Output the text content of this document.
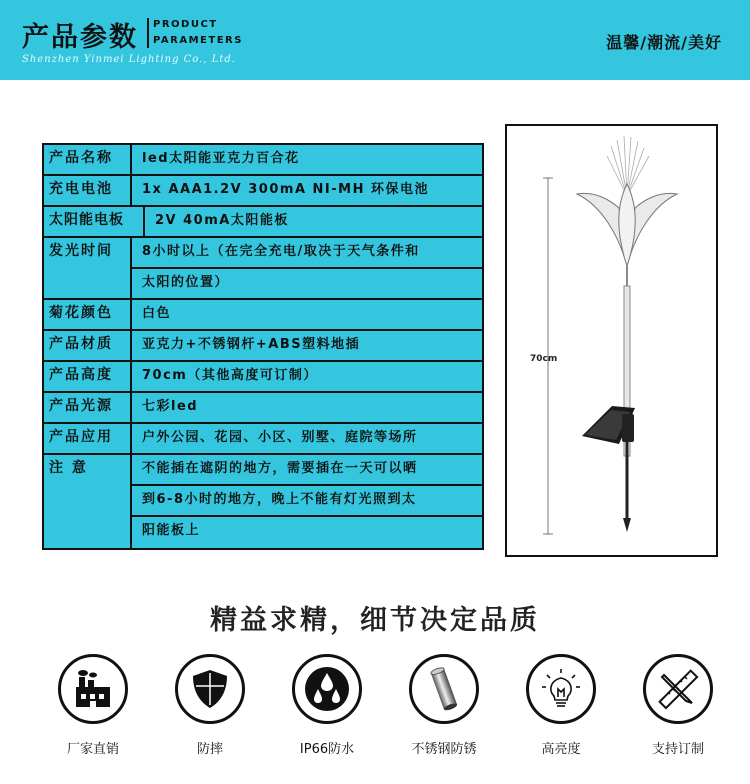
产品参数 PRODUCT
PARAMETERS
Shenzhen Yinmei Lighting Co., Ltd.
温馨/潮流/美好
产品名称	led太阳能亚克力百合花
充电电池	1x AAA1.2V 300mA NI-MH 环保电池
太阳能电板	2V 40mA太阳能板
发光时间	8小时以上（在完全充电/取决于天气条件和
太阳的位置）
菊花颜色	白色
产品材质	亚克力+不锈钢杆+ABS塑料地插
产品高度	70cm（其他高度可订制）
产品光源	七彩led
产品应用	户外公园、花园、小区、别墅、庭院等场所
注 意	不能插在遮阴的地方，需要插在一天可以晒
到6-8小时的地方，晚上不能有灯光照到太
阳能板上
70cm
精益求精，细节决定品质
厂家直销	防摔	IP66防水	不锈钢防锈	高亮度	支持订制
